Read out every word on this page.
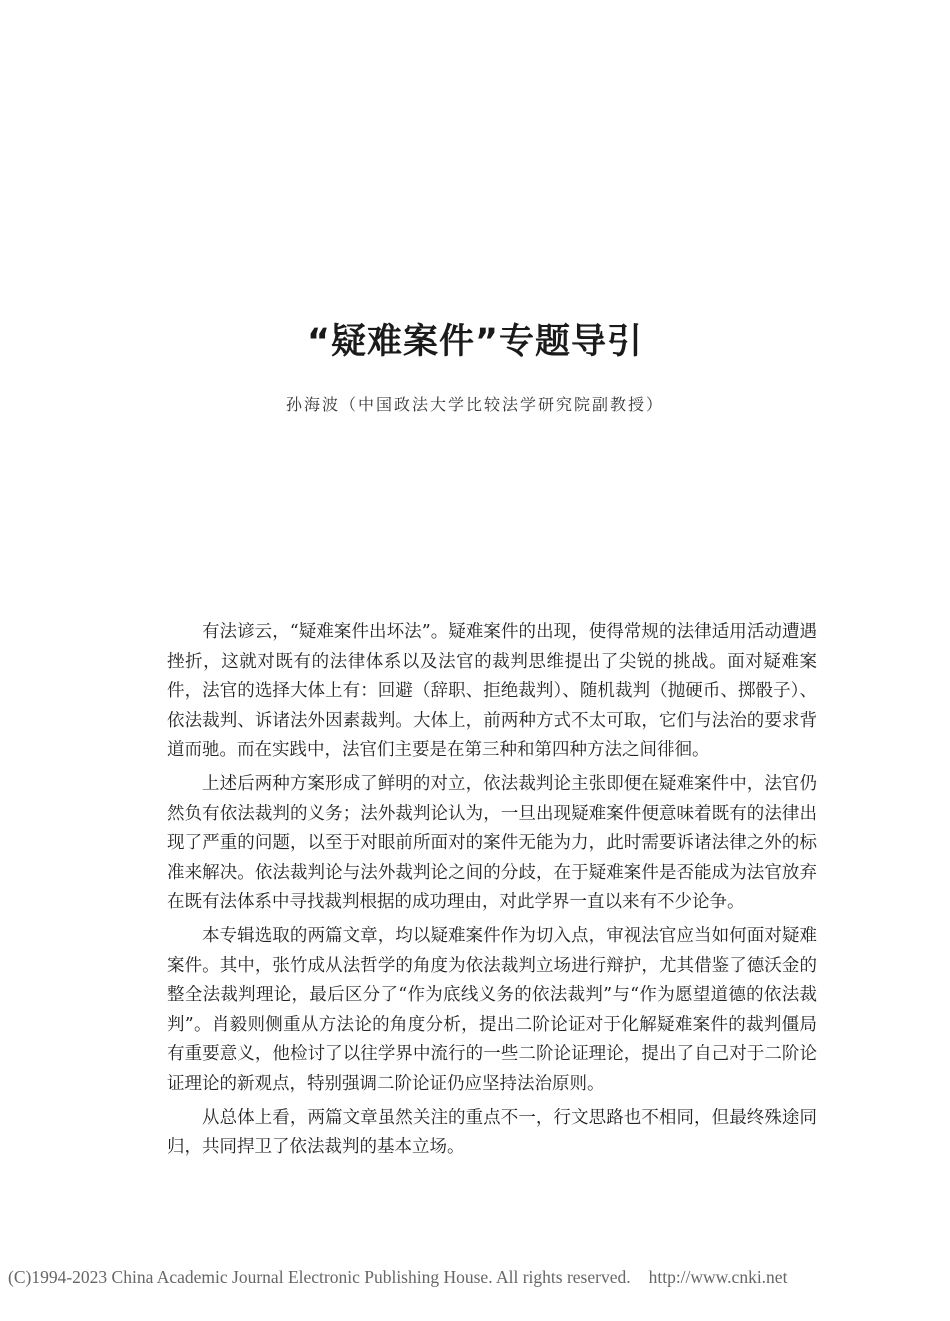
“疑难案件”专题导引
孙海波（中国政法大学比较法学研究院副教授）

有法谚云，“疑难案件出坏法”。疑难案件的出现，使得常规的法律适用活动遭遇挫折，这就对既有的法律体系以及法官的裁判思维提出了尖锐的挑战。面对疑难案件，法官的选择大体上有：回避（辞职、拒绝裁判）、随机裁判（抛硬币、掷骰子）、依法裁判、诉诸法外因素裁判。大体上，前两种方式不太可取，它们与法治的要求背道而驰。而在实践中，法官们主要是在第三种和第四种方法之间徘徊。

上述后两种方案形成了鲜明的对立，依法裁判论主张即便在疑难案件中，法官仍然负有依法裁判的义务；法外裁判论认为，一旦出现疑难案件便意味着既有的法律出现了严重的问题，以至于对眼前所面对的案件无能为力，此时需要诉诸法律之外的标准来解决。依法裁判论与法外裁判论之间的分歧，在于疑难案件是否能成为法官放弃在既有法体系中寻找裁判根据的成功理由，对此学界一直以来有不少论争。

本专辑选取的两篇文章，均以疑难案件作为切入点，审视法官应当如何面对疑难案件。其中，张竹成从法哲学的角度为依法裁判立场进行辩护，尤其借鉴了德沃金的整全法裁判理论，最后区分了“作为底线义务的依法裁判”与“作为愿望道德的依法裁判”。肖毅则侧重从方法论的角度分析，提出二阶论证对于化解疑难案件的裁判僵局有重要意义，他检讨了以往学界中流行的一些二阶论证理论，提出了自己对于二阶论证理论的新观点，特别强调二阶论证仍应坚持法治原则。

从总体上看，两篇文章虽然关注的重点不一，行文思路也不相同，但最终殊途同归，共同捍卫了依法裁判的基本立场。

(C)1994-2023 China Academic Journal Electronic Publishing House. All rights reserved. http://www.cnki.net
